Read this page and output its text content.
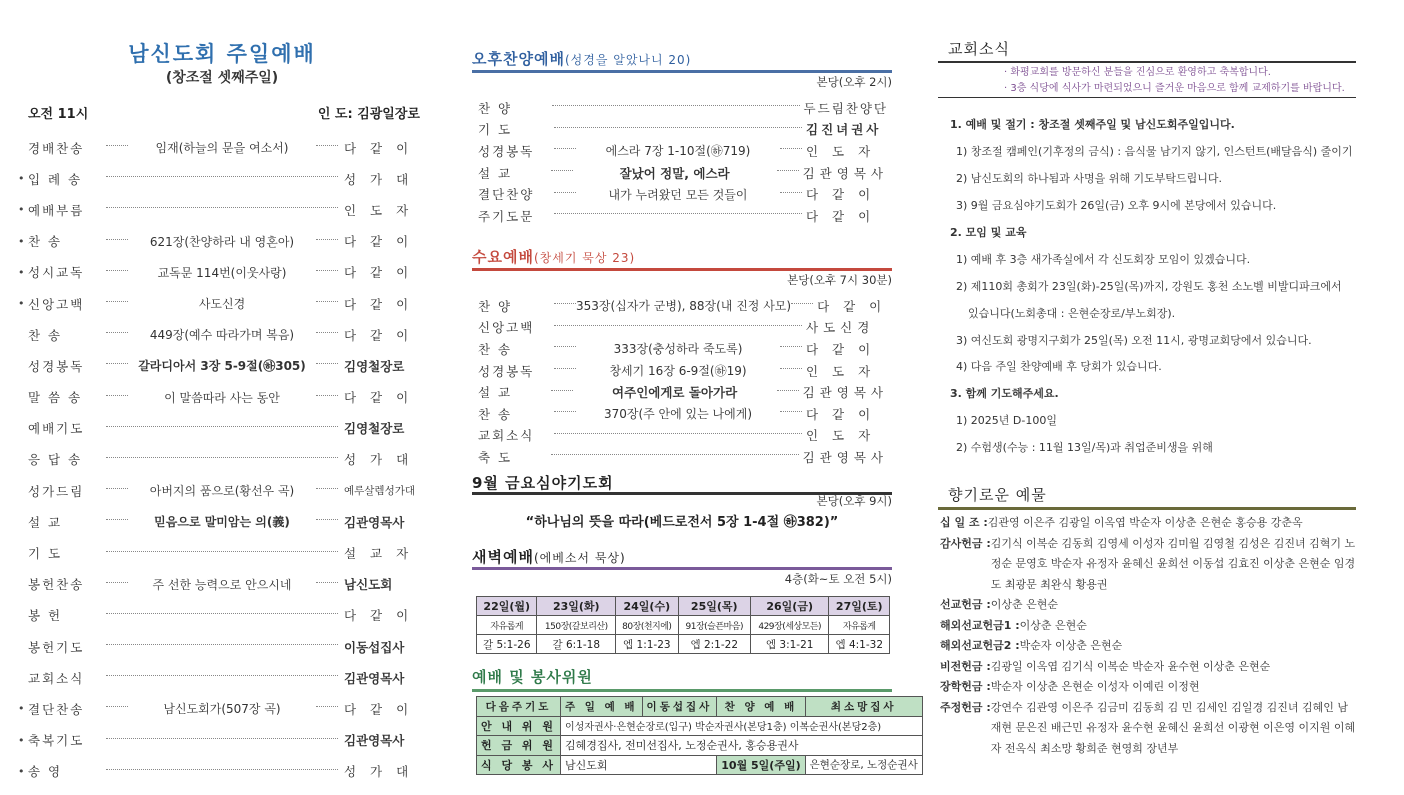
남신도회 주일예배
(창조절 셋째주일)
오전 11시	인 도: 김광일장로
경배찬송	임재(하늘의 문을 여소서)	다 같 이
• 입 례 송	성 가 대
• 예배부름	인 도 자
• 찬 송	621장(찬양하라 내 영혼아)	다 같 이
• 성시교독	교독문 114번(이웃사랑)	다 같 이
• 신앙고백	사도신경	다 같 이
찬 송	449장(예수 따라가며 복음)	다 같 이
성경봉독	갈라디아서 3장 5-9절(㉻305)	김영철장로
말 씀 송	이 말씀따라 사는 동안	다 같 이
예배기도	김영철장로
응 답 송	성 가 대
성가드림	아버지의 품으로(황선우 곡)	예루살렘성가대
설 교	믿음으로 말미암는 의(義)	김관영목사
기 도	설 교 자
봉헌찬송	주 선한 능력으로 안으시네	남신도회
봉 헌	다 같 이
봉헌기도	이동섭집사
교회소식	김관영목사
• 결단찬송	남신도회가(507장 곡)	다 같 이
• 축복기도	김관영목사
• 송 영	성 가 대
오후찬양예배(성경을 알았나니 20)
본당(오후 2시)
찬 양	두드림찬양단
기 도	김진녀권사
성경봉독	에스라 7장 1-10절(㉻719)	인 도 자
설 교	잘났어 정말, 에스라	김관영목사
결단찬양	내가 누려왔던 모든 것들이	다 같 이
주기도문	다 같 이
수요예배(창세기 묵상 23)
본당(오후 7시 30분)
찬 양	353장(십자가 군병), 88장(내 진정 사모) 다 같 이
신앙고백	사도신경
찬 송	333장(충성하라 죽도록)	다 같 이
성경봉독	창세기 16장 6-9절(㉻19)	인 도 자
설 교	여주인에게로 돌아가라	김관영목사
찬 송	370장(주 안에 있는 나에게)	다 같 이
교회소식	인 도 자
축 도	김관영목사
9월 금요심야기도회
본당(오후 9시)
“하나님의 뜻을 따라(베드로전서 5장 1-4절 ㉻382)”
새벽예배(에베소서 묵상)
4층(화~토 오전 5시)
22일(월)	23일(화)	24일(수)	25일(목)	26일(금)	27일(토)
자유롭게	150장(갈보리산)	80장(천지에)	91장(슬픈마음)	429장(세상모든)	자유롭게
갈 5:1-26	갈 6:1-18	엡 1:1-23	엡 2:1-22	엡 3:1-21	엡 4:1-32
예배 및 봉사위원
다음주기도	주 일 예 배	이동섭집사	찬 양 예 배	최소망집사
안 내 위 원	이성자권사·은현순장로(입구) 박순자권사(본당1층) 이복순권사(본당2층)			
헌 금 위 원	김혜경집사, 전미선집사, 노정순권사, 홍승용권사			
식 당 봉 사	남신도회		10월 5일(주일)	은현순장로, 노정순권사
교회소식
· 화평교회를 방문하신 분들을 진심으로 환영하고 축복합니다.
· 3층 식당에 식사가 마련되었으니 즐거운 마음으로 함께 교제하기를 바랍니다.
1. 예배 및 절기 : 창조절 셋째주일 및 남신도회주일입니다.
1) 창조절 캠페인(기후정의 금식) : 음식물 남기지 않기, 인스턴트(배달음식) 줄이기
2) 남신도회의 하나됨과 사명을 위해 기도부탁드립니다.
3) 9월 금요심야기도회가 26일(금) 오후 9시에 본당에서 있습니다.
2. 모임 및 교육
1) 예배 후 3층 새가족실에서 각 신도회장 모임이 있겠습니다.
2) 제110회 총회가 23일(화)-25일(목)까지, 강원도 홍천 소노벨 비발디파크에서
있습니다(노회총대 : 은현순장로/부노회장).
3) 여신도회 광명지구회가 25일(목) 오전 11시, 광명교회당에서 있습니다.
4) 다음 주일 찬양예배 후 당회가 있습니다.
3. 함께 기도해주세요.
1) 2025년 D-100일
2) 수험생(수능 : 11월 13일/목)과 취업준비생을 위해
향기로운 예물
십 일 조 : 김관영 이은주 김광일 이옥엽 박순자 이상춘 은현순 홍승용 강춘옥
감사헌금 : 김기식 이복순 김동희 김영세 이성자 김미월 김영철 김성은 김진녀 김혁기 노정순 문영호 박순자 유정자 윤혜신 윤희선 이동섭 김효진 이상춘 은현순 임경도 최광문 최완식 황용권
선교헌금 : 이상춘 은현순
해외선교헌금1 : 이상춘 은현순
해외선교헌금2 : 박순자 이상춘 은현순
비전헌금 : 김광일 이옥엽 김기식 이복순 박순자 윤수현 이상춘 은현순
장학헌금 : 박순자 이상춘 은현순 이성자 이예린 이정현
주정헌금 : 강연수 김관영 이은주 김금미 김동희 김 민 김세인 김일경 김진녀 김혜인 남재현 문은진 배근민 유정자 윤수현 윤혜신 윤희선 이광현 이은영 이지원 이혜자 전옥식 최소망 황희준 현영희 장년부
